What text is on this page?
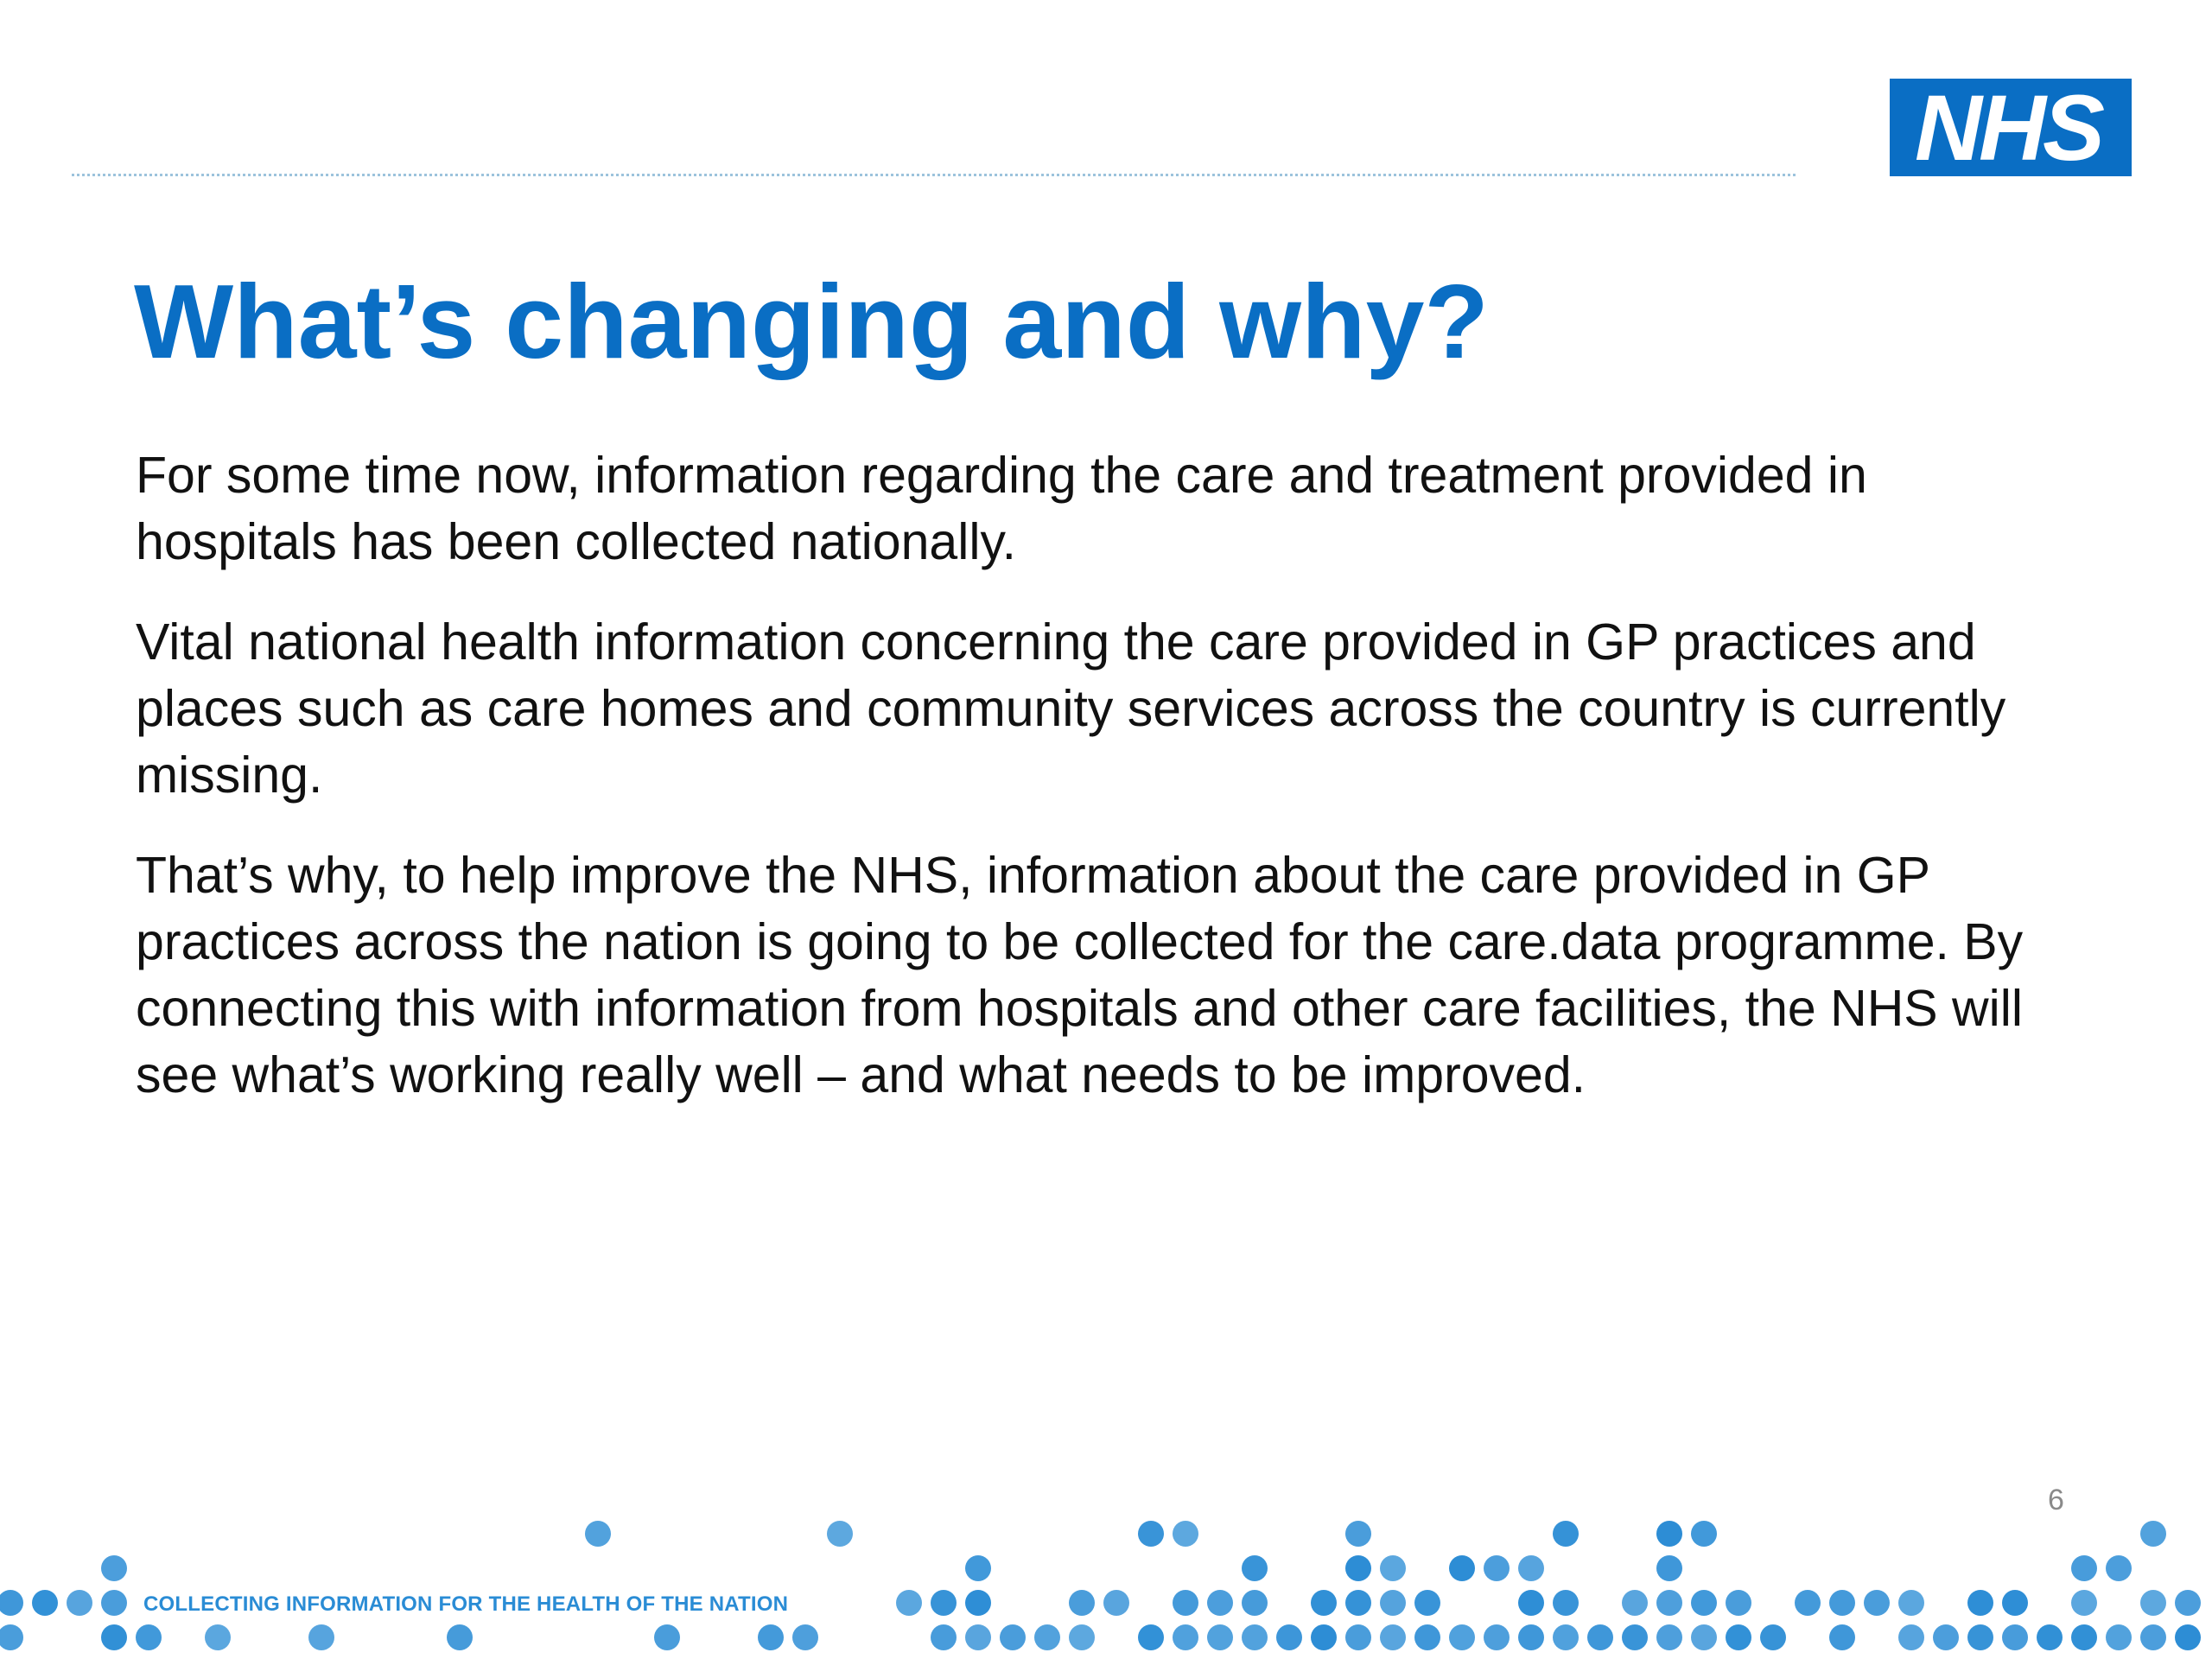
NHS
What’s changing and why?

For some time now, information regarding the care and treatment provided in hospitals has been collected nationally.

Vital national health information concerning the care provided in GP practices and places such as care homes and community services across the country is currently missing.

That’s why, to help improve the NHS, information about the care provided in GP practices across the nation is going to be collected for the care.data programme. By connecting this with information from hospitals and other care facilities, the NHS will see what’s working really well – and what needs to be improved.

6
COLLECTING INFORMATION FOR THE HEALTH OF THE NATION
